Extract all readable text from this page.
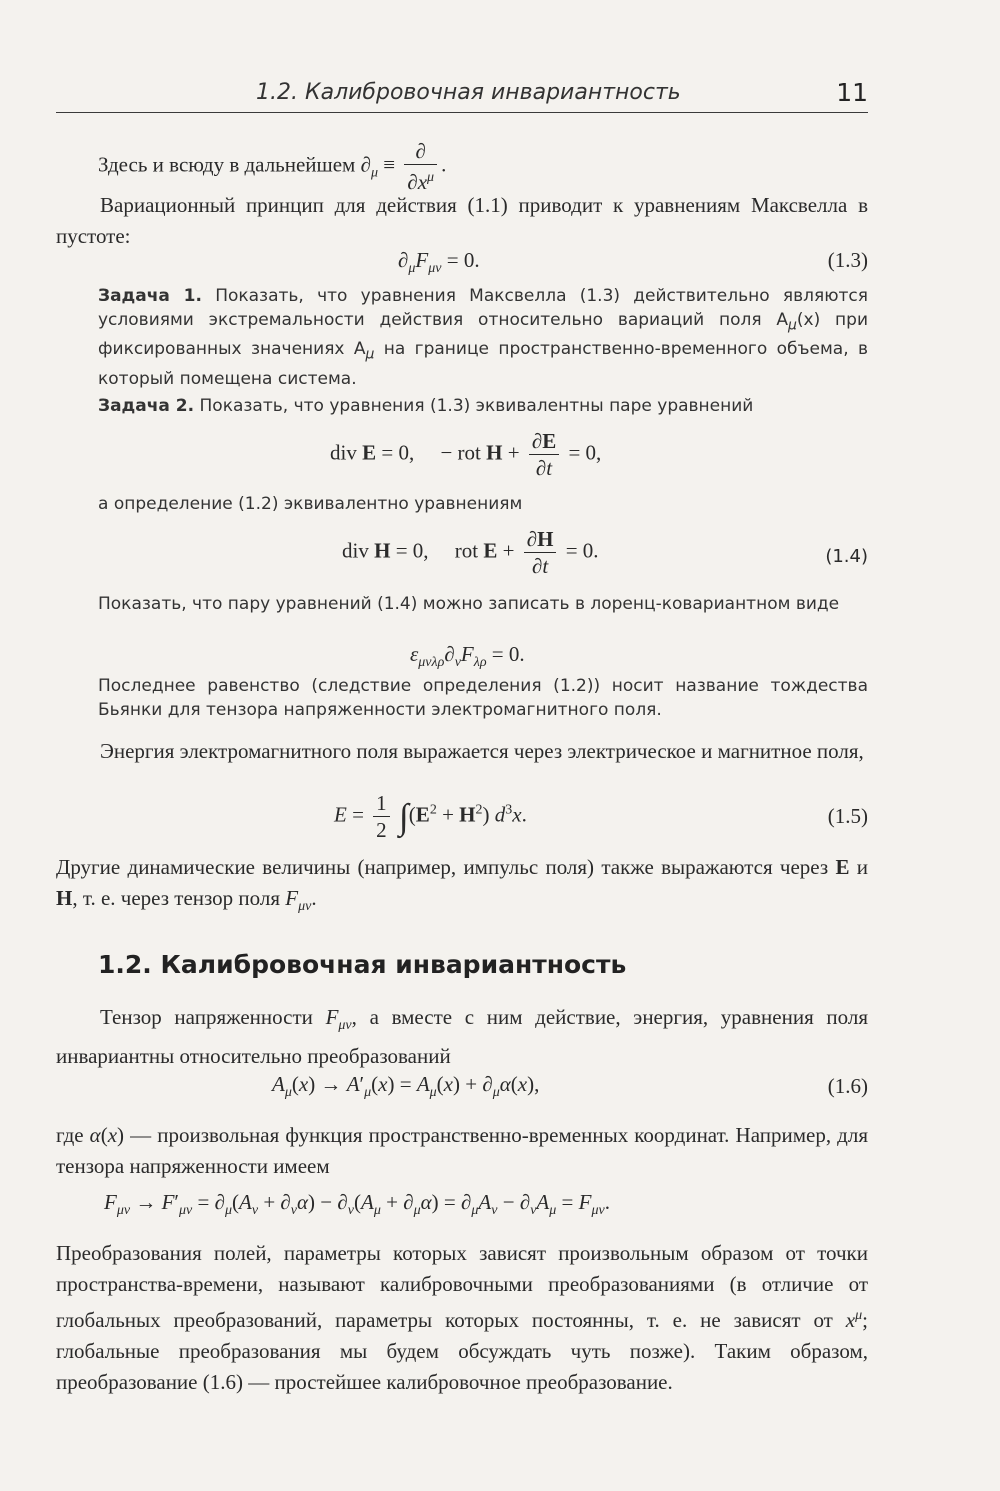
1.2. Калибровочная инвариантность	11
Здесь и всюду в дальнейшем $\partial_\mu \equiv \frac{\partial}{\partial x^\mu}$ .
Вариационный принцип для действия (1.1) приводит к уравнениям Максвелла в пустоте:
$\partial_\mu F_{\mu\nu} = 0$.	(1.3)
Задача 1. Показать, что уравнения Максвелла (1.3) действительно являются условиями экстремальности действия относительно вариаций поля $A_\mu(x)$ при фиксированных значениях $A_\mu$ на границе пространственно-временного объема, в который помещена система.
Задача 2. Показать, что уравнения (1.3) эквивалентны паре уравнений
div E = 0,     − rot $H + \frac{\partial E}{\partial t} = 0$,
а определение (1.2) эквивалентно уравнениям
div H = 0,     rot $E + \frac{\partial H}{\partial t} = 0$.	(1.4)
Показать, что пару уравнений (1.4) можно записать в лоренц-ковариантном виде
$\varepsilon_{\mu\nu\lambda\rho}\partial_\nu F_{\lambda\rho} = 0$.
Последнее равенство (следствие определения (1.2)) носит название тождества Бьянки для тензора напряженности электромагнитного поля.
Энергия электромагнитного поля выражается через электрическое и магнитное поля,
$E = \frac{1}{2} \int(E^2 + H^2)$ $d^3x$.	(1.5)
Другие динамические величины (например, импульс поля) также выражаются через E и H, т. е. через тензор поля $F_{\mu\nu}$.
1.2. Калибровочная инвариантность
Тензор напряженности $F_{\mu\nu}$, а вместе с ним действие, энергия, уравнения поля инвариантны относительно преобразований
$A_\mu(x) \to A'_\mu(x) = A_\mu(x) + \partial_\mu\alpha(x)$,	(1.6)
где α(x) — произвольная функция пространственно-временных координат. Например, для тензора напряженности имеем
$F_{\mu\nu} \to F'_{\mu\nu} = \partial_\mu(A_\nu + \partial_\nu\alpha) - \partial_\nu(A_\mu + \partial_\mu\alpha) = \partial_\mu A_\nu - \partial_\nu A_\mu = F_{\mu\nu}$.
Преобразования полей, параметры которых зависят произвольным образом от точки пространства-времени, называют калибровочными преобразованиями (в отличие от глобальных преобразований, параметры которых постоянны, т. е. не зависят от $x^\mu$; глобальные преобразования мы будем обсуждать чуть позже). Таким образом, преобразование (1.6) — простейшее калибровочное преобразование.
